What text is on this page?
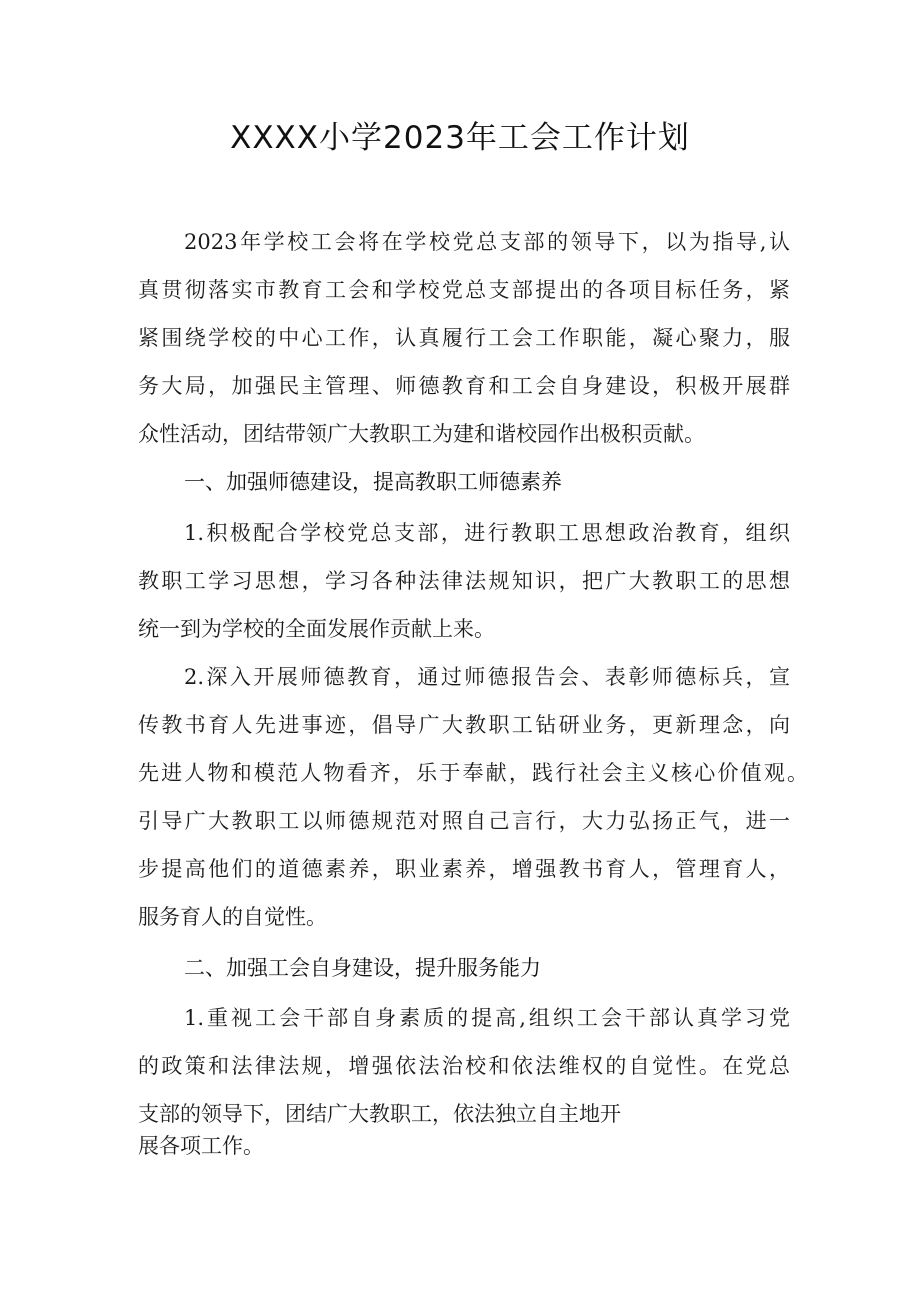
XXXX小学2023年工会工作计划
2023年学校工会将在学校党总支部的领导下，以为指导,认
真贯彻落实市教育工会和学校党总支部提出的各项目标任务，紧
紧围绕学校的中心工作，认真履行工会工作职能，凝心聚力，服
务大局，加强民主管理、师德教育和工会自身建设，积极开展群
众性活动，团结带领广大教职工为建和谐校园作出极积贡献。
一、加强师德建设，提高教职工师德素养
1.积极配合学校党总支部，进行教职工思想政治教育，组织
教职工学习思想，学习各种法律法规知识，把广大教职工的思想
统一到为学校的全面发展作贡献上来。
2.深入开展师德教育，通过师德报告会、表彰师德标兵，宣
传教书育人先进事迹，倡导广大教职工钻研业务，更新理念，向
先进人物和模范人物看齐，乐于奉献，践行社会主义核心价值观。
引导广大教职工以师德规范对照自己言行，大力弘扬正气，进一
步提高他们的道德素养，职业素养，增强教书育人，管理育人，
服务育人的自觉性。
二、加强工会自身建设，提升服务能力
1.重视工会干部自身素质的提高,组织工会干部认真学习党
的政策和法律法规，增强依法治校和依法维权的自觉性。在党总
支部的领导下，团结广大教职工，依法独立自主地开
展各项工作。
